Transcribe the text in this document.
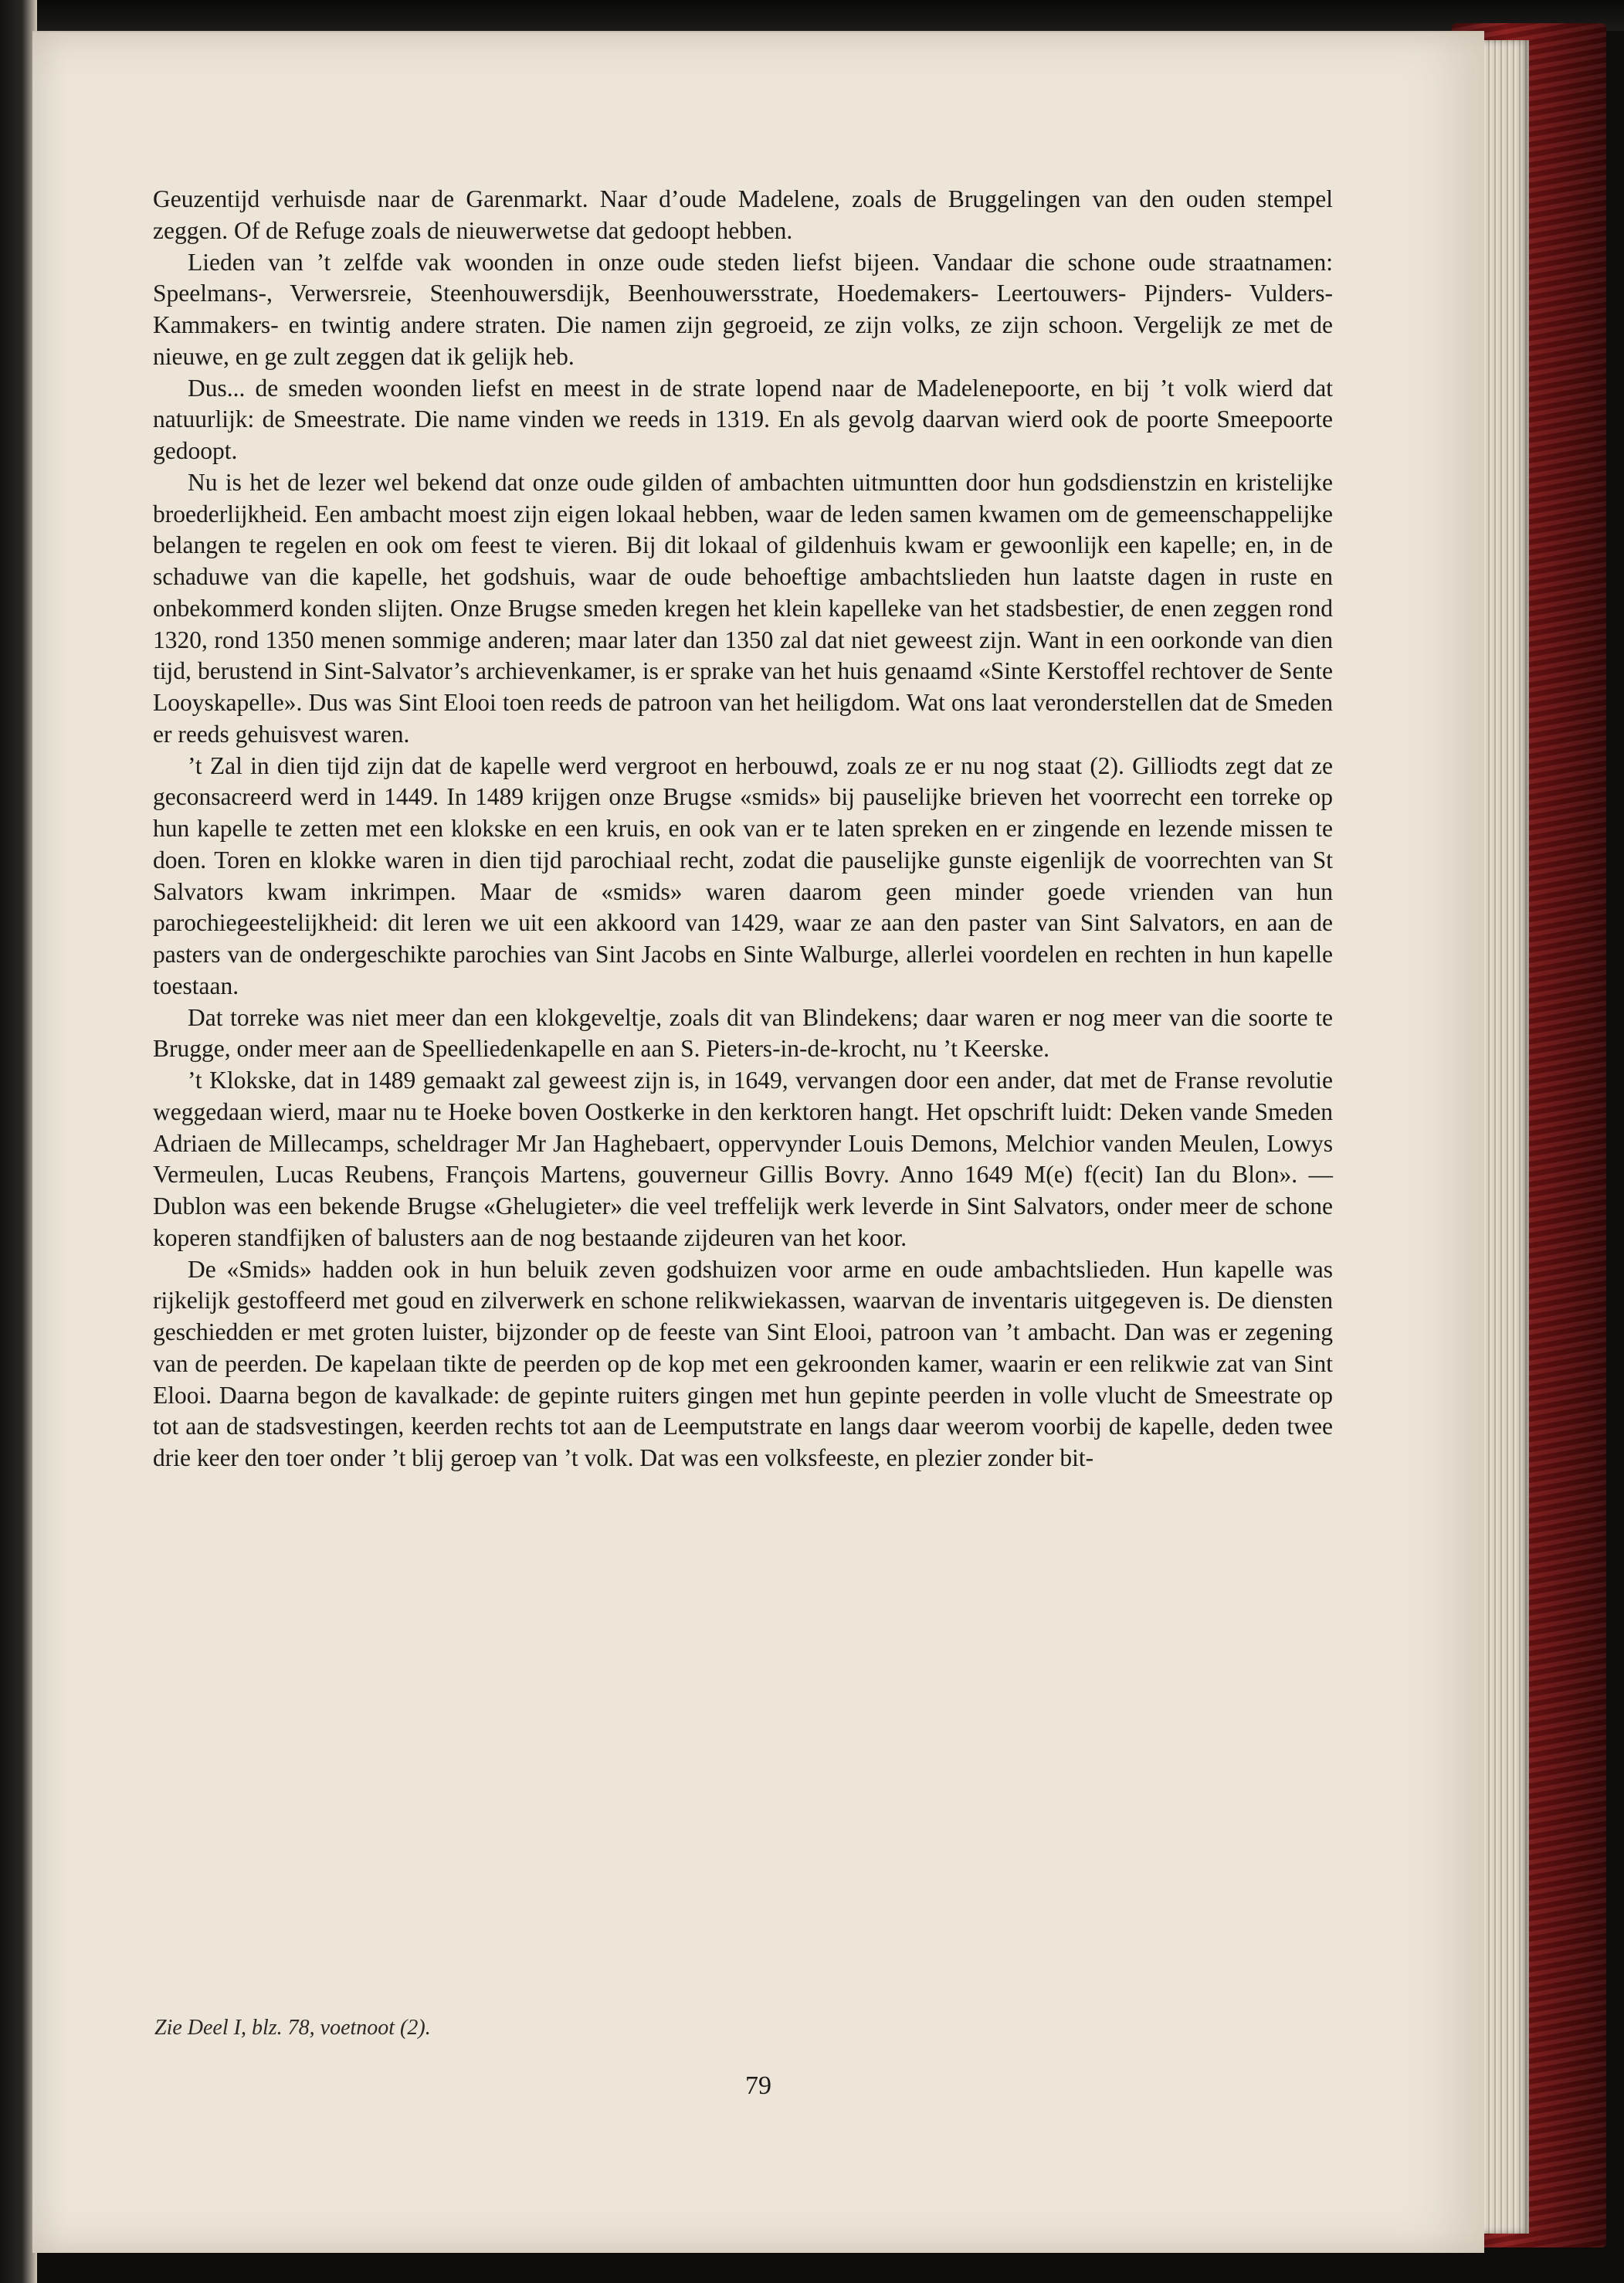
Geuzentijd verhuisde naar de Garenmarkt. Naar d’oude Madelene, zoals de Bruggelingen van den ouden stempel zeggen. Of de Refuge zoals de nieuwerwetse dat gedoopt hebben.

Lieden van ’t zelfde vak woonden in onze oude steden liefst bijeen. Vandaar die schone oude straatnamen: Speelmans-, Verwersreie, Steenhouwersdijk, Beenhouwersstrate, Hoedemakers- Leertouwers- Pijnders- Vulders- Kammakers- en twintig andere straten. Die namen zijn gegroeid, ze zijn volks, ze zijn schoon. Vergelijk ze met de nieuwe, en ge zult zeggen dat ik gelijk heb.

Dus... de smeden woonden liefst en meest in de strate lopend naar de Madelenepoorte, en bij ’t volk wierd dat natuurlijk: de Smeestrate. Die name vinden we reeds in 1319. En als gevolg daarvan wierd ook de poorte Smeepoorte gedoopt.

Nu is het de lezer wel bekend dat onze oude gilden of ambachten uitmuntten door hun godsdienstzin en kristelijke broederlijkheid. Een ambacht moest zijn eigen lokaal hebben, waar de leden samen kwamen om de gemeenschappelijke belangen te regelen en ook om feest te vieren. Bij dit lokaal of gildenhuis kwam er gewoonlijk een kapelle; en, in de schaduwe van die kapelle, het godshuis, waar de oude behoeftige ambachtslieden hun laatste dagen in ruste en onbekommerd konden slijten. Onze Brugse smeden kregen het klein kapelleke van het stadsbestier, de enen zeggen rond 1320, rond 1350 menen sommige anderen; maar later dan 1350 zal dat niet geweest zijn. Want in een oorkonde van dien tijd, berustend in Sint-Salvator’s archievenkamer, is er sprake van het huis genaamd «Sinte Kerstoffel rechtover de Sente Looyskapelle». Dus was Sint Elooi toen reeds de patroon van het heiligdom. Wat ons laat veronderstellen dat de Smeden er reeds gehuisvest waren.

’t Zal in dien tijd zijn dat de kapelle werd vergroot en herbouwd, zoals ze er nu nog staat (2). Gilliodts zegt dat ze geconsacreerd werd in 1449. In 1489 krijgen onze Brugse «smids» bij pauselijke brieven het voorrecht een torreke op hun kapelle te zetten met een klokske en een kruis, en ook van er te laten spreken en er zingende en lezende missen te doen. Toren en klokke waren in dien tijd parochiaal recht, zodat die pauselijke gunste eigenlijk de voorrechten van St Salvators kwam inkrimpen. Maar de «smids» waren daarom geen minder goede vrienden van hun parochiegeestelijkheid: dit leren we uit een akkoord van 1429, waar ze aan den paster van Sint Salvators, en aan de pasters van de ondergeschikte parochies van Sint Jacobs en Sinte Walburge, allerlei voordelen en rechten in hun kapelle toestaan.

Dat torreke was niet meer dan een klokgeveltje, zoals dit van Blindekens; daar waren er nog meer van die soorte te Brugge, onder meer aan de Speelliedenkapelle en aan S. Pieters-in-de-krocht, nu ’t Keerske.

’t Klokske, dat in 1489 gemaakt zal geweest zijn is, in 1649, vervangen door een ander, dat met de Franse revolutie weggedaan wierd, maar nu te Hoeke boven Oostkerke in den kerktoren hangt. Het opschrift luidt: Deken vande Smeden Adriaen de Millecamps, scheldrager Mr Jan Haghebaert, oppervynder Louis Demons, Melchior vanden Meulen, Lowys Vermeulen, Lucas Reubens, François Martens, gouverneur Gillis Bovry. Anno 1649 M(e) f(ecit) Ian du Blon». — Dublon was een bekende Brugse «Ghelugieter» die veel treffelijk werk leverde in Sint Salvators, onder meer de schone koperen standfijken of balusters aan de nog bestaande zijdeuren van het koor.

De «Smids» hadden ook in hun beluik zeven godshuizen voor arme en oude ambachtslieden. Hun kapelle was rijkelijk gestoffeerd met goud en zilverwerk en schone relikwiekassen, waarvan de inventaris uitgegeven is. De diensten geschiedden er met groten luister, bijzonder op de feeste van Sint Elooi, patroon van ’t ambacht. Dan was er zegening van de peerden. De kapelaan tikte de peerden op de kop met een gekroonden kamer, waarin er een relikwie zat van Sint Elooi. Daarna begon de kavalkade: de gepinte ruiters gingen met hun gepinte peerden in volle vlucht de Smeestrate op tot aan de stadsvestingen, keerden rechts tot aan de Leemputstrate en langs daar weerom voorbij de kapelle, deden twee drie keer den toer onder ’t blij geroep van ’t volk. Dat was een volksfeeste, en plezier zonder bit-

Zie Deel I, blz. 78, voetnoot (2).
79
